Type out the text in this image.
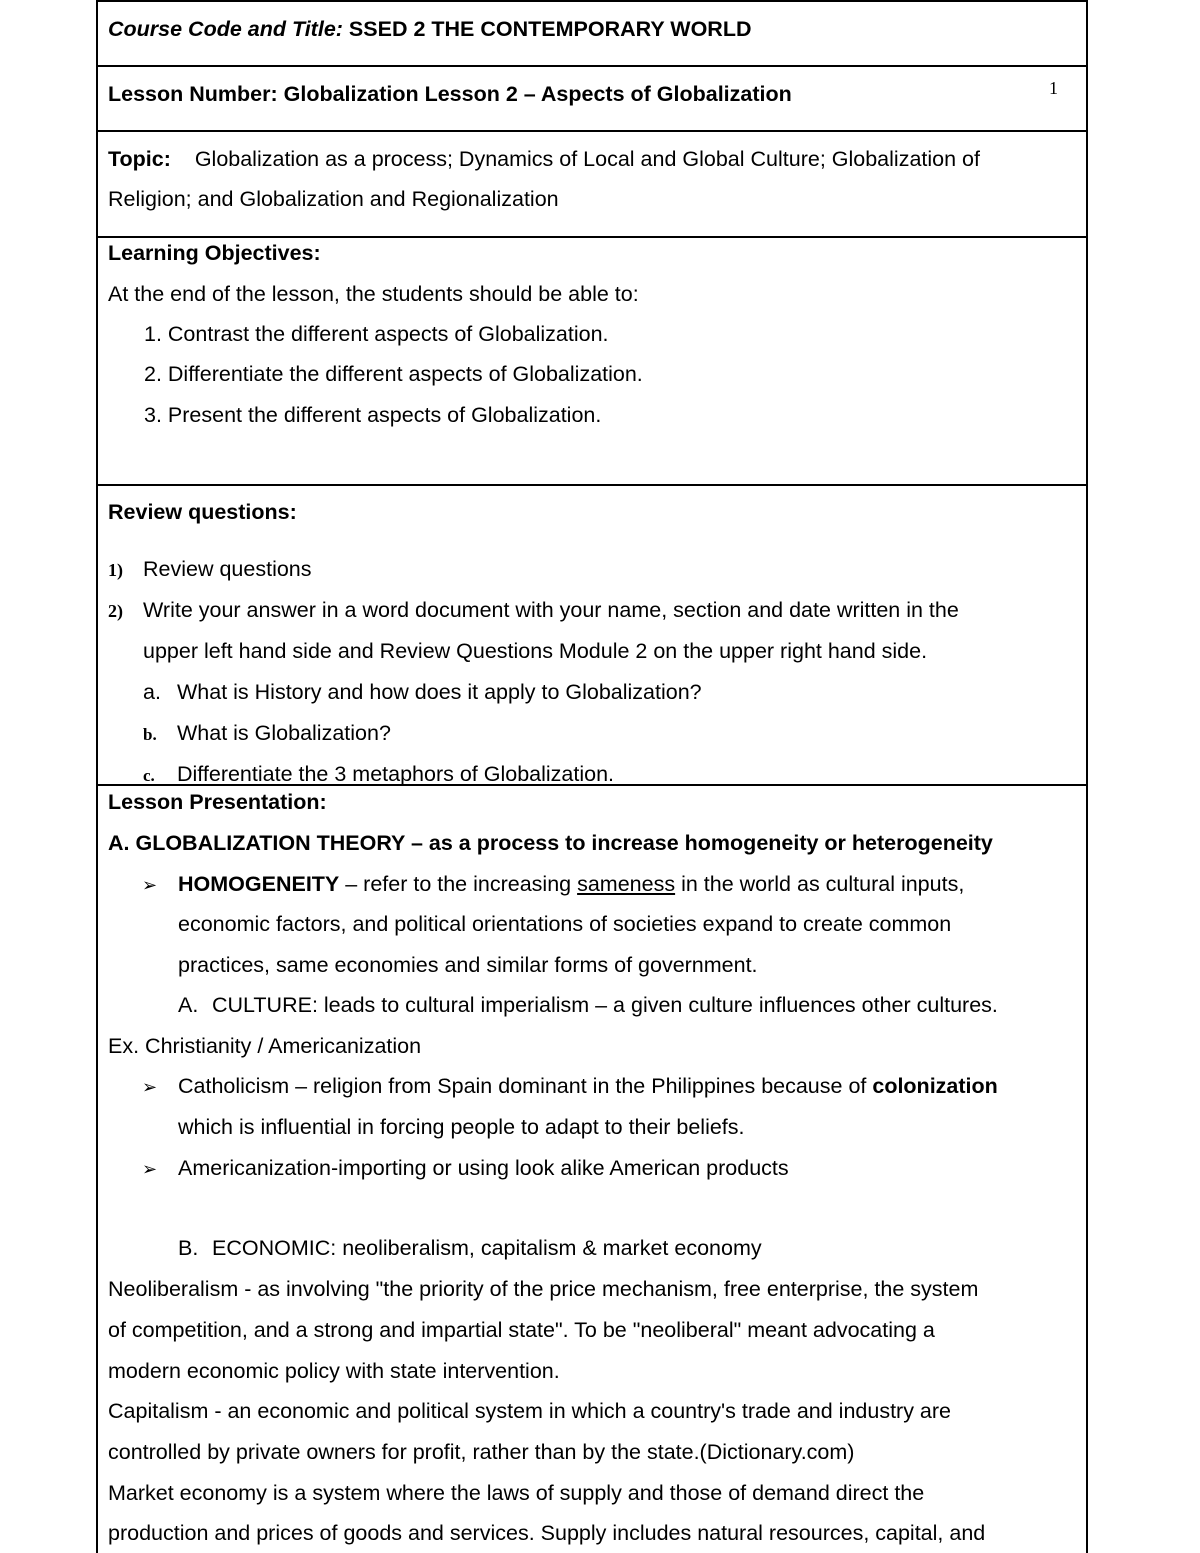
Course Code and Title: SSED 2 THE CONTEMPORARY WORLD
Lesson Number: Globalization Lesson 2 – Aspects of Globalization	1
Topic: Globalization as a process; Dynamics of Local and Global Culture; Globalization of
Religion; and Globalization and Regionalization
Learning Objectives:
At the end of the lesson, the students should be able to:
1. Contrast the different aspects of Globalization.
2. Differentiate the different aspects of Globalization.
3. Present the different aspects of Globalization.
Review questions:
1) Review questions
2) Write your answer in a word document with your name, section and date written in the
upper left hand side and Review Questions Module 2 on the upper right hand side.
a. What is History and how does it apply to Globalization?
b. What is Globalization?
c. Differentiate the 3 metaphors of Globalization.
Lesson Presentation:
A. GLOBALIZATION THEORY – as a process to increase homogeneity or heterogeneity
➢ HOMOGENEITY – refer to the increasing sameness in the world as cultural inputs,
economic factors, and political orientations of societies expand to create common
practices, same economies and similar forms of government.
A. CULTURE: leads to cultural imperialism – a given culture influences other cultures.
Ex. Christianity / Americanization
➢ Catholicism – religion from Spain dominant in the Philippines because of colonization
which is influential in forcing people to adapt to their beliefs.
➢ Americanization-importing or using look alike American products
B. ECONOMIC: neoliberalism, capitalism & market economy
Neoliberalism - as involving "the priority of the price mechanism, free enterprise, the system
of competition, and a strong and impartial state". To be "neoliberal" meant advocating a
modern economic policy with state intervention.
Capitalism - an economic and political system in which a country's trade and industry are
controlled by private owners for profit, rather than by the state.(Dictionary.com)
Market economy is a system where the laws of supply and those of demand direct the
production and prices of goods and services. Supply includes natural resources, capital, and
